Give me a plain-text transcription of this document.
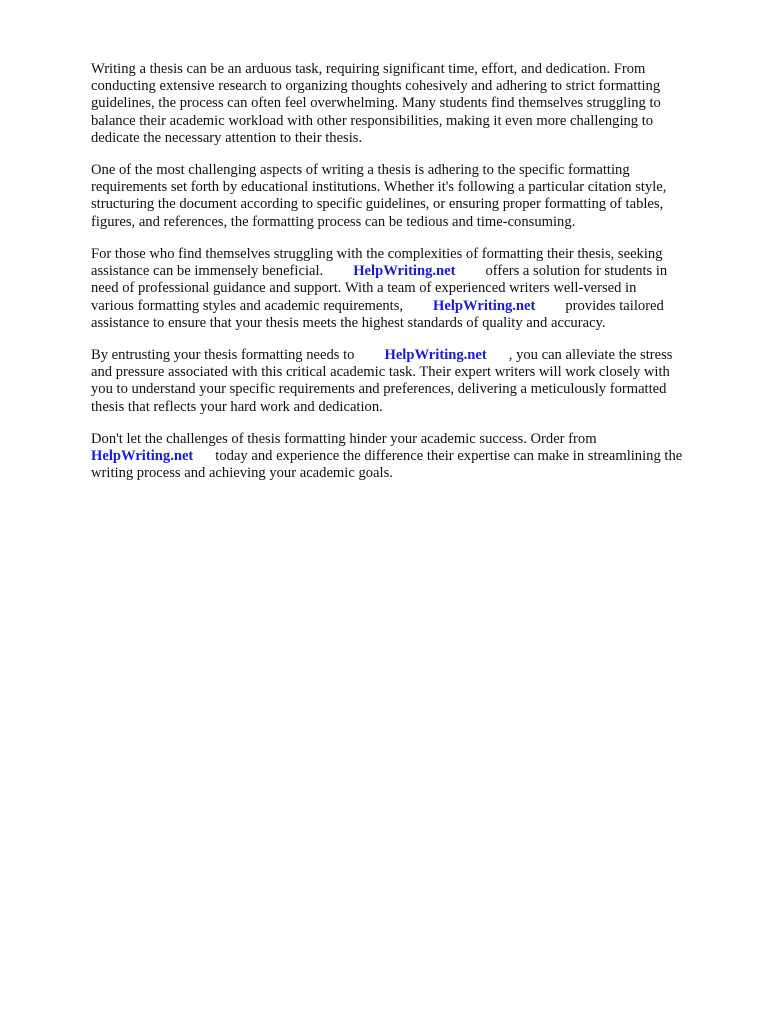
Writing a thesis can be an arduous task, requiring significant time, effort, and dedication. From
conducting extensive research to organizing thoughts cohesively and adhering to strict formatting
guidelines, the process can often feel overwhelming. Many students find themselves struggling to
balance their academic workload with other responsibilities, making it even more challenging to
dedicate the necessary attention to their thesis.

One of the most challenging aspects of writing a thesis is adhering to the specific formatting
requirements set forth by educational institutions. Whether it's following a particular citation style,
structuring the document according to specific guidelines, or ensuring proper formatting of tables,
figures, and references, the formatting process can be tedious and time-consuming.

For those who find themselves struggling with the complexities of formatting their thesis, seeking
assistance can be immensely beneficial. HelpWriting.net offers a solution for students in
need of professional guidance and support. With a team of experienced writers well-versed in
various formatting styles and academic requirements, HelpWriting.net provides tailored
assistance to ensure that your thesis meets the highest standards of quality and accuracy.

By entrusting your thesis formatting needs to HelpWriting.net , you can alleviate the stress
and pressure associated with this critical academic task. Their expert writers will work closely with
you to understand your specific requirements and preferences, delivering a meticulously formatted
thesis that reflects your hard work and dedication.

Don't let the challenges of thesis formatting hinder your academic success. Order from
HelpWriting.net today and experience the difference their expertise can make in streamlining the
writing process and achieving your academic goals.
